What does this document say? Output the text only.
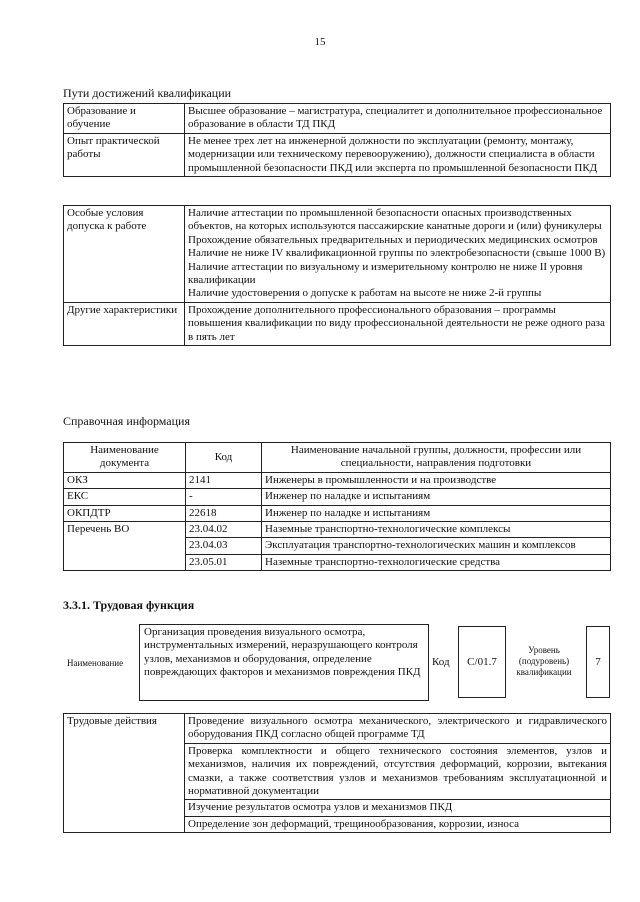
15
Пути достижений квалификации
Образование и обучение	Высшее образование – магистратура, специалитет и дополнительное профессиональное образование в области ТД ПКД
Опыт практической работы	Не менее трех лет на инженерной должности по эксплуатации (ремонту, монтажу, модернизации или техническому перевооружению), должности специалиста в области промышленной безопасности ПКД или эксперта по промышленной безопасности ПКД
Особые условия допуска к работе	Наличие аттестации по промышленной безопасности опасных производственных объектов, на которых используются пассажирские канатные дороги и (или) фуникулеры
Прохождение обязательных предварительных и периодических медицинских осмотров
Наличие не ниже IV квалификационной группы по электробезопасности (свыше 1000 В)
Наличие аттестации по визуальному и измерительному контролю не ниже II уровня квалификации
Наличие удостоверения о допуске к работам на высоте не ниже 2-й группы

Другие характеристики	Прохождение дополнительного профессионального образования – программы повышения квалификации по виду профессиональной деятельности не реже одного раза в пять лет
Справочная информация
Наименование документа	Код	Наименование начальной группы, должности, профессии или специальности, направления подготовки
ОКЗ	2141	Инженеры в промышленности и на производстве
ЕКС	-	Инженер по наладке и испытаниям
ОКПДТР	22618	Инженер по наладке и испытаниям
Перечень ВО	23.04.02	Наземные транспортно-технологические комплексы
	23.04.03	Эксплуатация транспортно-технологических машин и комплексов
	23.05.01	Наземные транспортно-технологические средства
3.3.1. Трудовая функция
Наименование
Организация проведения визуального осмотра, инструментальных измерений, неразрушающего контроля узлов, механизмов и оборудования, определение повреждающих факторов и механизмов повреждения ПКД
Код	C/01.7
Уровень (подуровень) квалификации
7
Трудовые действия	Проведение визуального осмотра механического, электрического и гидравлического оборудования ПКД согласно общей программе ТД
Проверка комплектности и общего технического состояния элементов, узлов и механизмов, наличия их повреждений, отсутствия деформаций, коррозии, вытекания смазки, а также соответствия узлов и механизмов требованиям эксплуатационной и нормативной документации
Изучение результатов осмотра узлов и механизмов ПКД
Определение зон деформаций, трещинообразования, коррозии, износа
